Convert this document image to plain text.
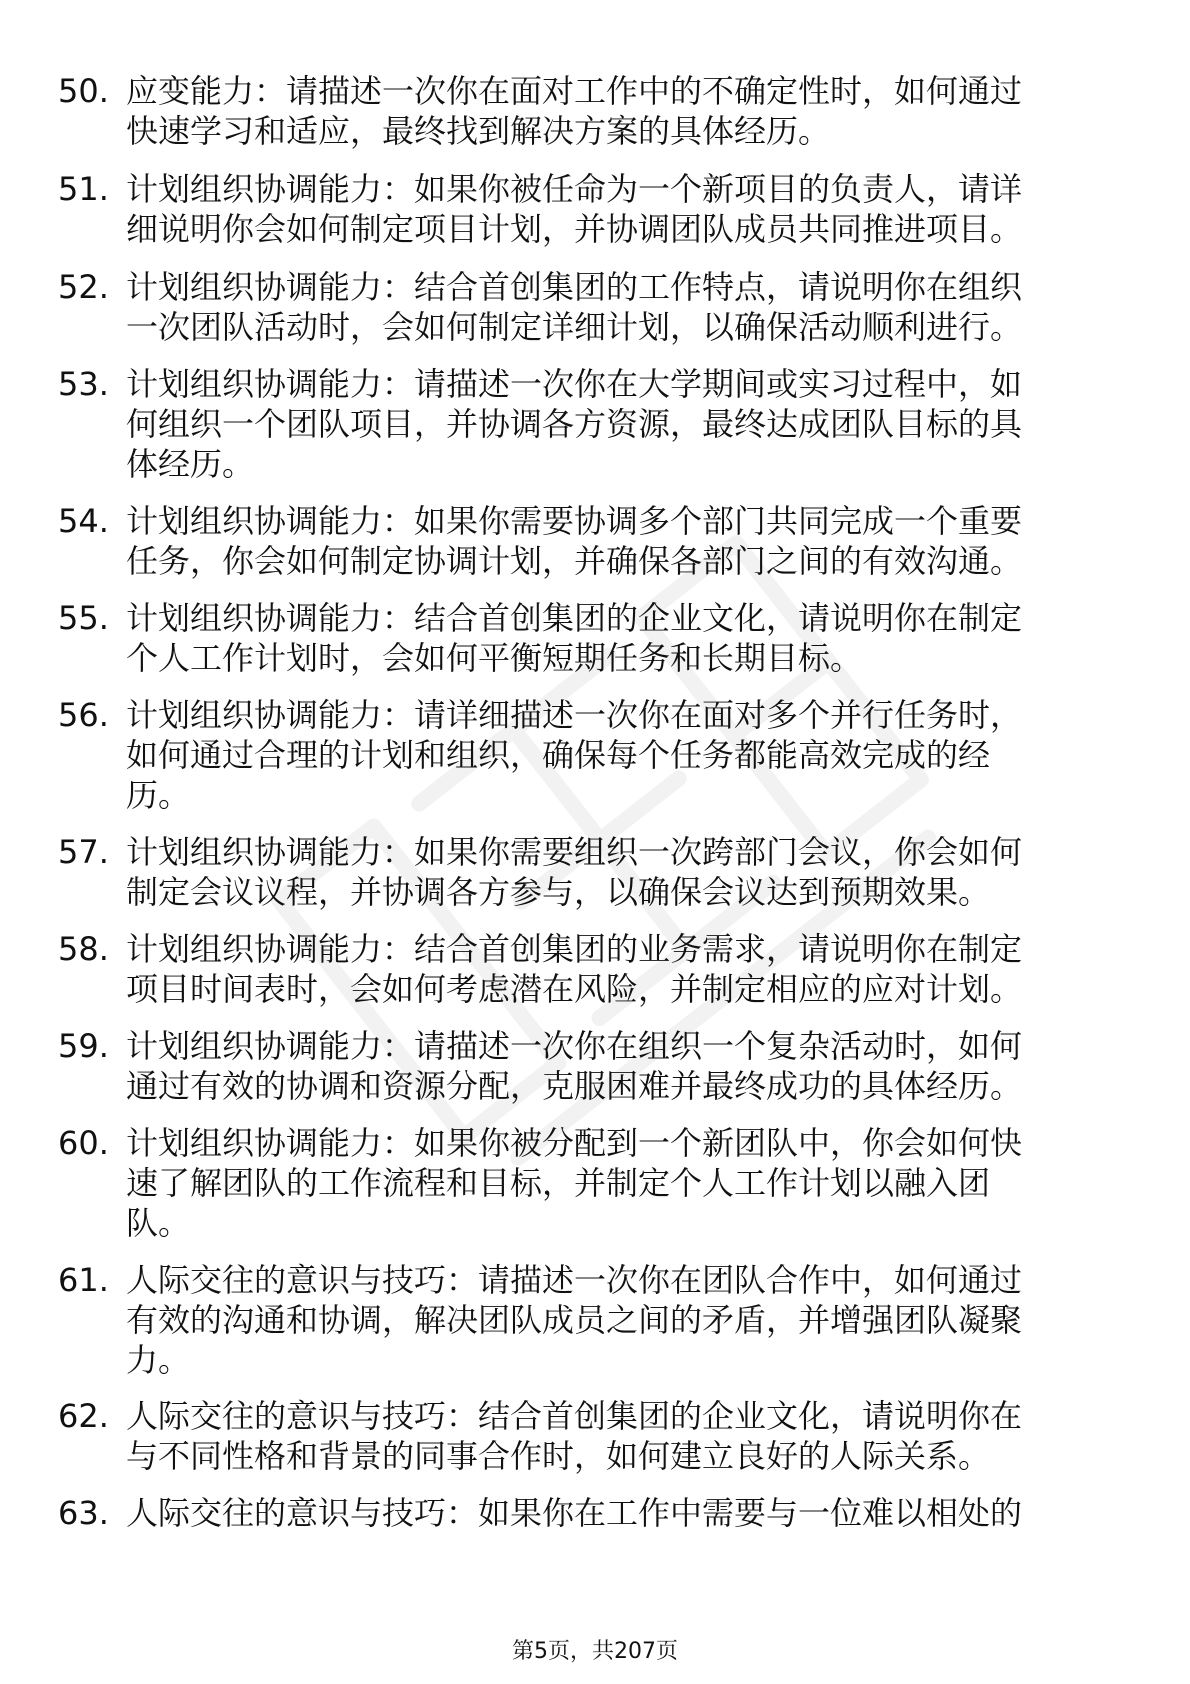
50. 应变能力：请描述一次你在面对工作中的不确定性时，如何通过
快速学习和适应，最终找到解决方案的具体经历。
51. 计划组织协调能力：如果你被任命为一个新项目的负责人，请详
细说明你会如何制定项目计划，并协调团队成员共同推进项目。
52. 计划组织协调能力：结合首创集团的工作特点，请说明你在组织
一次团队活动时，会如何制定详细计划，以确保活动顺利进行。
53. 计划组织协调能力：请描述一次你在大学期间或实习过程中，如
何组织一个团队项目，并协调各方资源，最终达成团队目标的具
体经历。
54. 计划组织协调能力：如果你需要协调多个部门共同完成一个重要
任务，你会如何制定协调计划，并确保各部门之间的有效沟通。
55. 计划组织协调能力：结合首创集团的企业文化，请说明你在制定
个人工作计划时，会如何平衡短期任务和长期目标。
56. 计划组织协调能力：请详细描述一次你在面对多个并行任务时，
如何通过合理的计划和组织，确保每个任务都能高效完成的经
历。
57. 计划组织协调能力：如果你需要组织一次跨部门会议，你会如何
制定会议议程，并协调各方参与，以确保会议达到预期效果。
58. 计划组织协调能力：结合首创集团的业务需求，请说明你在制定
项目时间表时，会如何考虑潜在风险，并制定相应的应对计划。
59. 计划组织协调能力：请描述一次你在组织一个复杂活动时，如何
通过有效的协调和资源分配，克服困难并最终成功的具体经历。
60. 计划组织协调能力：如果你被分配到一个新团队中，你会如何快
速了解团队的工作流程和目标，并制定个人工作计划以融入团
队。
61. 人际交往的意识与技巧：请描述一次你在团队合作中，如何通过
有效的沟通和协调，解决团队成员之间的矛盾，并增强团队凝聚
力。
62. 人际交往的意识与技巧：结合首创集团的企业文化，请说明你在
与不同性格和背景的同事合作时，如何建立良好的人际关系。
63. 人际交往的意识与技巧：如果你在工作中需要与一位难以相处的
第5页，共207页
